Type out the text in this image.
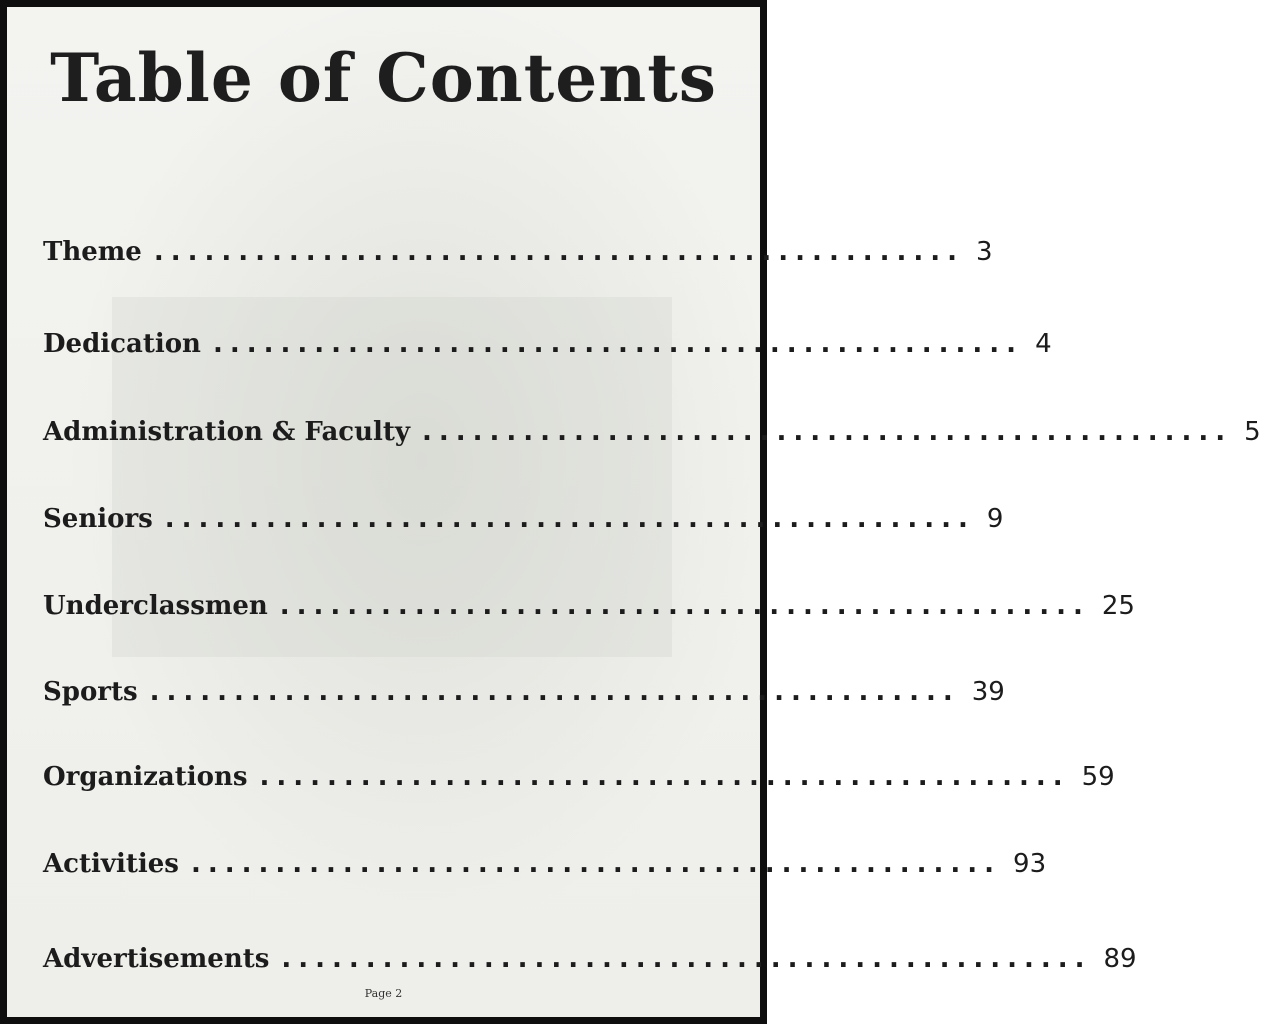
Table of Contents
Theme ................................................ 3
Dedication ................................................ 4
Administration & Faculty ................................................ 5
Seniors ................................................ 9
Underclassmen ................................................ 25
Sports ................................................ 39
Organizations ................................................ 59
Activities ................................................ 93
Advertisements ................................................ 89
Page 2
